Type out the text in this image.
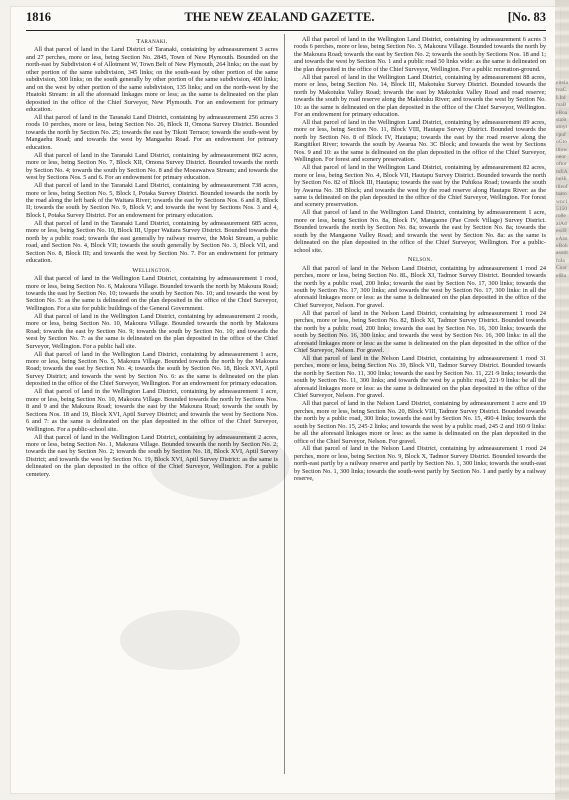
1816	THE NEW ZEALAND GAZETTE.	[No. 83
Taranaki.

All that parcel of land in the Land District of Taranaki, containing by admeasurement 3 acres and 27 perches, more or less, being Section No. 2845, Town of New Plymouth. Bounded on the north-east by Subdivision 4 of Allotment W, Town Belt of New Plymouth, 264 links; on the east by other portion of the same subdivision, 345 links; on the south-east by other portion of the same subdivision, 300 links; on the south generally by other portion of the same subdivision, 400 links; and on the west by other portion of the same subdivision, 135 links; and on the north-west by the Huatoki Stream: in all the aforesaid linkages more or less; as the same is delineated on the plan deposited in the office of the Chief Surveyor, New Plymouth. For an endowment for primary education.

All that parcel of land in the Taranaki Land District, containing by admeasurement 256 acres 3 roods 10 perches, more or less, being Section No. 26, Block II, Omona Survey District. Bounded towards the north by Section No. 25; towards the east by Tikoti Terrace; towards the south-west by Mangaehu Road; and towards the west by Mangaehu Road. For an endowment for primary education.

All that parcel of land in the Taranaki Land District, containing by admeasurement 862 acres, more or less, being Section No. 7, Block XII, Omona Survey District. Bounded towards the north by Section No. 4; towards the south by Section No. 8 and the Moeawaiwa Stream; and towards the west by Sections Nos. 5 and 6. For an endowment for primary education.

All that parcel of land in the Taranaki Land District, containing by admeasurement 738 acres, more or less, being Section No. 5, Block I, Potaka Survey District. Bounded towards the north by the road along the left bank of the Waitara River; towards the east by Sections Nos. 6 and 8, Block II; towards the south by Section No. 9, Block V; and towards the west by Sections Nos. 3 and 4, Block I, Potaka Survey District. For an endowment for primary education.

All that parcel of land in the Taranaki Land District, containing by admeasurement 685 acres, more or less, being Section No. 10, Block III, Upper Waitara Survey District. Bounded towards the north by a public road; towards the east generally by railway reserve, the Moki Stream, a public road, and Section No. 4, Block VII; towards the south generally by Section No. 3, Block VII, and Section No. 8, Block III; and towards the west by Section No. 7. For an endowment for primary education.

Wellington.

All that parcel of land in the Wellington Land District, containing by admeasurement 1 rood, more or less, being Section No. 6, Makoura Village. Bounded towards the north by Makoura Road; towards the east by Section No. 10; towards the south by Section No. 10; and towards the west by Section No. 5: as the same is delineated on the plan deposited in the office of the Chief Surveyor, Wellington. For a site for public buildings of the General Government.

All that parcel of land in the Wellington Land District, containing by admeasurement 2 roods, more or less, being Section No. 10, Makoura Village. Bounded towards the north by Makoura Road; towards the east by Section No. 9; towards the south by Section No. 10; and towards the west by Section No. 7: as the same is delineated on the plan deposited in the office of the Chief Surveyor, Wellington. For a public hall site.

All that parcel of land in the Wellington Land District, containing by admeasurement 1 acre, more or less, being Section No. 5, Makoura Village. Bounded towards the north by the Makoura Road; towards the east by Section No. 4; towards the south by Section No. 18, Block XVI, Aptil Survey District; and towards the west by Section No. 6: as the same is delineated on the plan deposited in the office of the Chief Surveyor, Wellington. For an endowment for primary education.

All that parcel of land in the Wellington Land District, containing by admeasurement 1 acre, more or less, being Section No. 10, Makoura Village. Bounded towards the north by Sections Nos. 8 and 9 and the Makoura Road; towards the east by the Makoura Road; towards the south by Sections Nos. 18 and 19, Block XVI, Aptil Survey District; and towards the west by Sections Nos. 6 and 7: as the same is delineated on the plan deposited in the office of the Chief Surveyor, Wellington. For a public-school site.

All that parcel of land in the Wellington Land District, containing by admeasurement 2 acres, more or less, being Section No. 1, Makoura Village. Bounded towards the north by Section No. 2; towards the east by Section No. 2; towards the south by Section No. 18, Block XVI, Aptil Survey District; and towards the west by Section No. 19, Block XVI, Aptil Survey District: as the same is delineated on the plan deposited in the office of the Chief Surveyor, Wellington. For a public cemetery.

All that parcel of land in the Wellington Land District, containing by admeasurement 6 acres 3 roods 6 perches, more or less, being Section No. 3, Makoura Village. Bounded towards the north by the Makoura Road; towards the east by Section No. 2; towards the south by Sections Nos. 18 and 1; and towards the west by Section No. 1 and a public road 50 links wide: as the same is delineated on the plan deposited in the office of the Chief Surveyor, Wellington. For a public recreation-ground.

All that parcel of land in the Wellington Land District, containing by admeasurement 88 acres, more or less, being Section No. 14, Block III, Makotuku Survey District. Bounded towards the north by Makotuku Valley Road; towards the east by Makotuku Valley Road and road reserve; towards the south by road reserve along the Makotuku River; and towards the west by Section No. 10: as the same is delineated on the plan deposited in the office of the Chief Surveyor, Wellington. For an endowment for primary education.

All that parcel of land in the Wellington Land District, containing by admeasurement 89 acres, more or less, being Section No. 11, Block VIII, Hautapu Survey District. Bounded towards the north by Section No. 8 of Block IV, Hautapu; towards the east by the road reserve along the Rangitikei River; towards the south by Awarua No. 3C Block; and towards the west by Sections Nos. 9 and 10: as the same is delineated on the plan deposited in the office of the Chief Surveyor, Wellington. For forest and scenery preservation.

All that parcel of land in the Wellington Land District, containing by admeasurement 82 acres, more or less, being Section No. 4, Block VII, Hautapu Survey District. Bounded towards the north by Section No. 82 of Block III, Hautapu; towards the east by the Puhikoa Road; towards the south by Awarua No. 3B Block; and towards the west by the road reserve along Hautapu River: as the same is delineated on the plan deposited in the office of the Chief Surveyor, Wellington. For forest and scenery preservation.

All that parcel of land in the Wellington Land District, containing by admeasurement 1 acre, more or less, being Section No. 8a, Block IV, Mangaone (Pae Creek Village) Survey District. Bounded towards the north by Section No. 8a; towards the east by Section No. 8a; towards the south by the Mangaone Valley Road; and towards the west by Section No. 8a: as the same is delineated on the plan deposited in the office of the Chief Surveyor, Wellington. For a public-school site.

Nelson.

All that parcel of land in the Nelson Land District, containing by admeasurement 1 rood 24 perches, more or less, being Section No. 8L, Block XI, Tadmor Survey District. Bounded towards the north by a public road, 200 links; towards the east by Section No. 17, 300 links; towards the south by Section No. 17, 300 links; and towards the west by Section No. 17, 300 links: in all the aforesaid linkages more or less: as the same is delineated on the plan deposited in the office of the Chief Surveyor, Nelson. For gravel.

All that parcel of land in the Nelson Land District, containing by admeasurement 1 rood 24 perches, more or less, being Section No. 82, Block XI, Tadmor Survey District. Bounded towards the north by a public road, 200 links; towards the east by Section No. 16, 300 links; towards the south by Section No. 16, 300 links; and towards the west by Section No. 16, 300 links: in all the aforesaid linkages more or less: as the same is delineated on the plan deposited in the office of the Chief Surveyor, Nelson. For gravel.

All that parcel of land in the Nelson Land District, containing by admeasurement 1 rood 31 perches, more or less, being Section No. 39, Block VII, Tadmor Survey District. Bounded towards the north by Section No. 11, 300 links; towards the east by Section No. 11, 221·9 links; towards the south by Section No. 11, 300 links; and towards the west by a public road, 221·9 links: be all the aforesaid linkages more or less: as the same is delineated on the plan deposited in the office of the Chief Surveyor, Nelson. For gravel.

All that parcel of land in the Nelson Land District, containing by admeasurement 1 acre and 19 perches, more or less, being Section No. 20, Block VIII, Tadmor Survey District. Bounded towards the north by a public road, 300 links; towards the east by Section No. 15, 490·4 links; towards the south by Section No. 15, 245·2 links; and towards the west by a public road, 245·2 and 160·9 links: be all the aforesaid linkages more or less: as the same is delineated on the plan deposited in the office of the Chief Surveyor, Nelson. For gravel.

All that parcel of land in the Nelson Land District, containing by admeasurement 1 rood 24 perches, more or less, being Section No. 9, Block X, Tadmor Survey District. Bounded towards the north-east partly by a railway reserve and partly by Section No. 1, 300 links; towards the south-east by Section No. 1, 300 links; towards the south-west partly by Section No. 1 and partly by a railway reserve,

eitelatvaCLItdmaBeBoaslaStatoytcpufoGtotltowoeoroftortnfiAbeHitlieoftaatownc15150ro8eaiAdescBeAlsteBohasotitfoIaCoarelBa
